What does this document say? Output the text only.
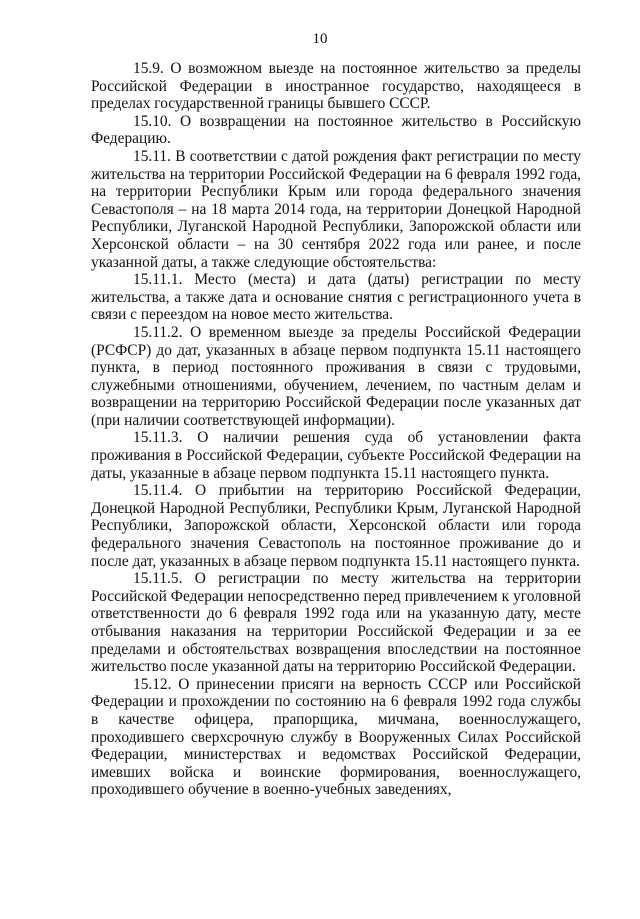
10

15.9. О возможном выезде на постоянное жительство за пределы Российской Федерации в иностранное государство, находящееся в пределах государственной границы бывшего СССР.

15.10. О возвращении на постоянное жительство в Российскую Федерацию.

15.11. В соответствии с датой рождения факт регистрации по месту жительства на территории Российской Федерации на 6 февраля 1992 года, на территории Республики Крым или города федерального значения Севастополя – на 18 марта 2014 года, на территории Донецкой Народной Республики, Луганской Народной Республики, Запорожской области или Херсонской области – на 30 сентября 2022 года или ранее, и после указанной даты, а также следующие обстоятельства:

15.11.1. Место (места) и дата (даты) регистрации по месту жительства, а также дата и основание снятия с регистрационного учета в связи с переездом на новое место жительства.

15.11.2. О временном выезде за пределы Российской Федерации (РСФСР) до дат, указанных в абзаце первом подпункта 15.11 настоящего пункта, в период постоянного проживания в связи с трудовыми, служебными отношениями, обучением, лечением, по частным делам и возвращении на территорию Российской Федерации после указанных дат (при наличии соответствующей информации).

15.11.3. О наличии решения суда об установлении факта проживания в Российской Федерации, субъекте Российской Федерации на даты, указанные в абзаце первом подпункта 15.11 настоящего пункта.

15.11.4. О прибытии на территорию Российской Федерации, Донецкой Народной Республики, Республики Крым, Луганской Народной Республики, Запорожской области, Херсонской области или города федерального значения Севастополь на постоянное проживание до и после дат, указанных в абзаце первом подпункта 15.11 настоящего пункта.

15.11.5. О регистрации по месту жительства на территории Российской Федерации непосредственно перед привлечением к уголовной ответственности до 6 февраля 1992 года или на указанную дату, месте отбывания наказания на территории Российской Федерации и за ее пределами и обстоятельствах возвращения впоследствии на постоянное жительство после указанной даты на территорию Российской Федерации.

15.12. О принесении присяги на верность СССР или Российской Федерации и прохождении по состоянию на 6 февраля 1992 года службы в качестве офицера, прапорщика, мичмана, военнослужащего, проходившего сверхсрочную службу в Вооруженных Силах Российской Федерации, министерствах и ведомствах Российской Федерации, имевших войска и воинские формирования, военнослужащего, проходившего обучение в военно-учебных заведениях,
